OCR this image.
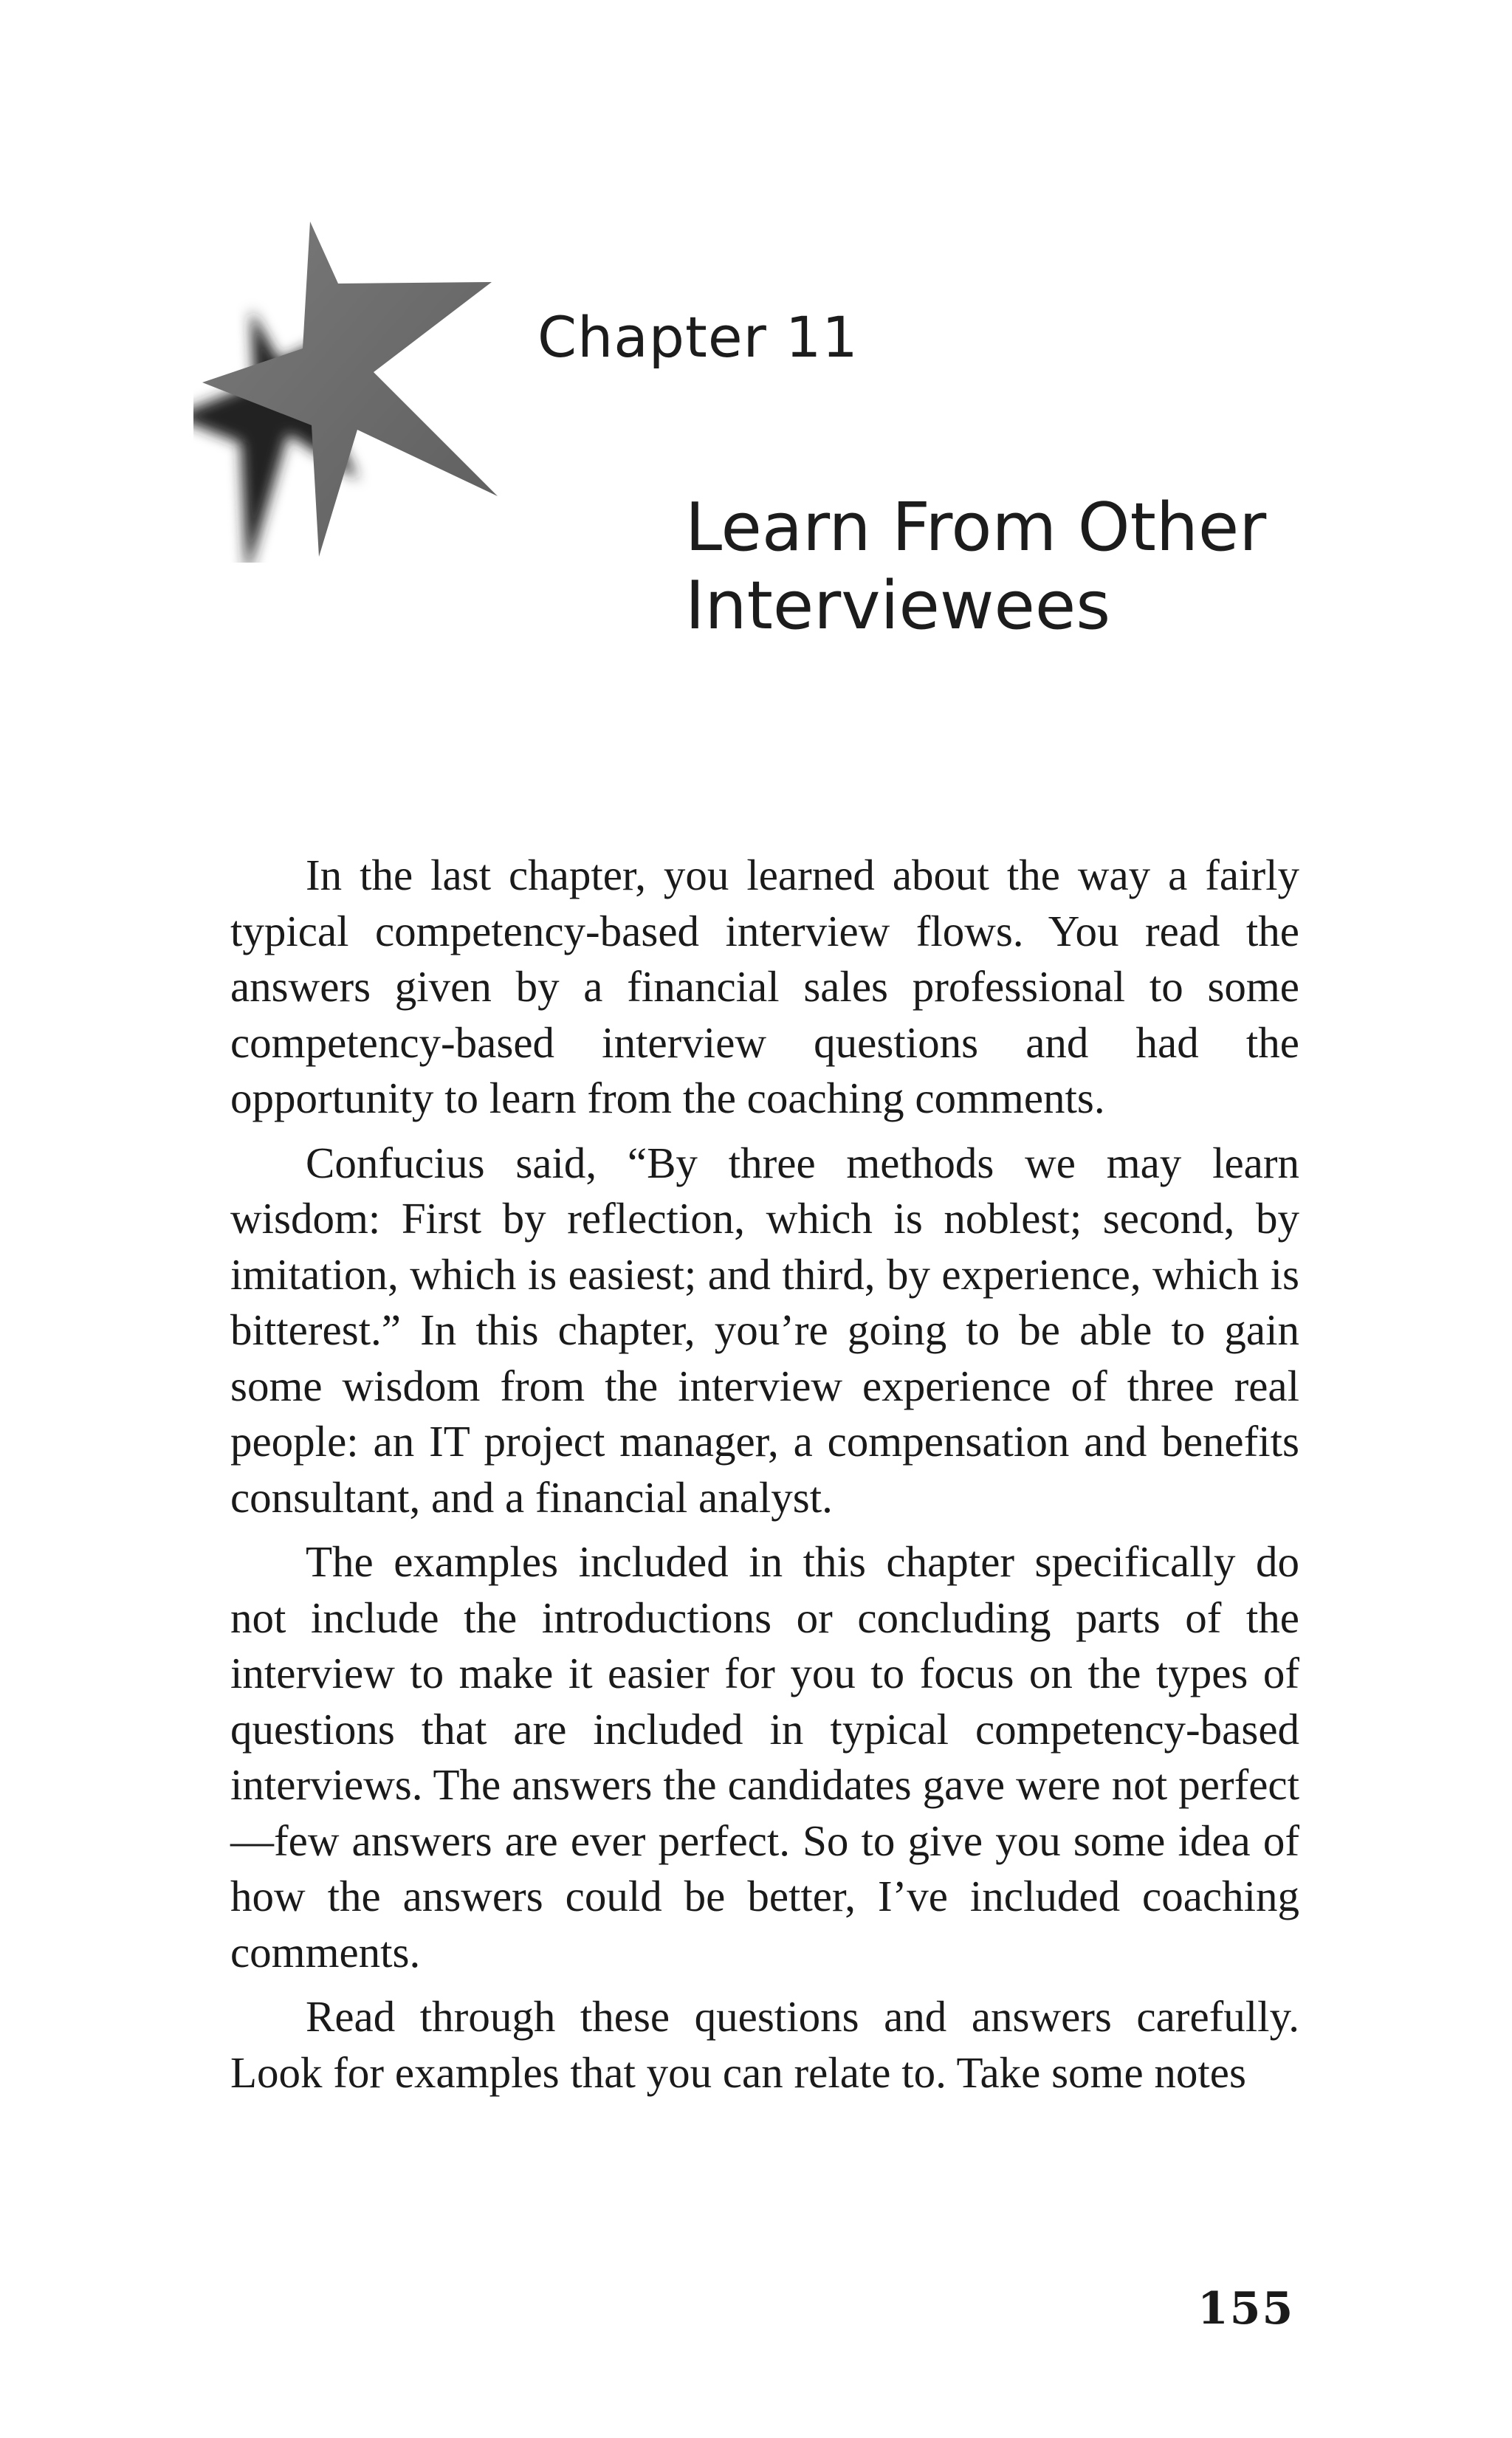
Chapter 11
Learn From Other Interviewees

In the last chapter, you learned about the way a fairly typical competency-based interview flows. You read the answers given by a financial sales professional to some competency-based interview questions and had the opportunity to learn from the coaching comments.

Confucius said, “By three methods we may learn wisdom: First by reflection, which is noblest; second, by imitation, which is easiest; and third, by experience, which is bitterest.” In this chapter, you’re going to be able to gain some wisdom from the interview experience of three real people: an IT project manager, a compensation and benefits consultant, and a financial analyst.

The examples included in this chapter specifically do not include the introductions or concluding parts of the interview to make it easier for you to focus on the types of questions that are included in typical competency-based interviews. The answers the candidates gave were not perfect—few answers are ever perfect. So to give you some idea of how the answers could be better, I’ve included coaching comments.

Read through these questions and answers carefully. Look for examples that you can relate to. Take some notes

155
